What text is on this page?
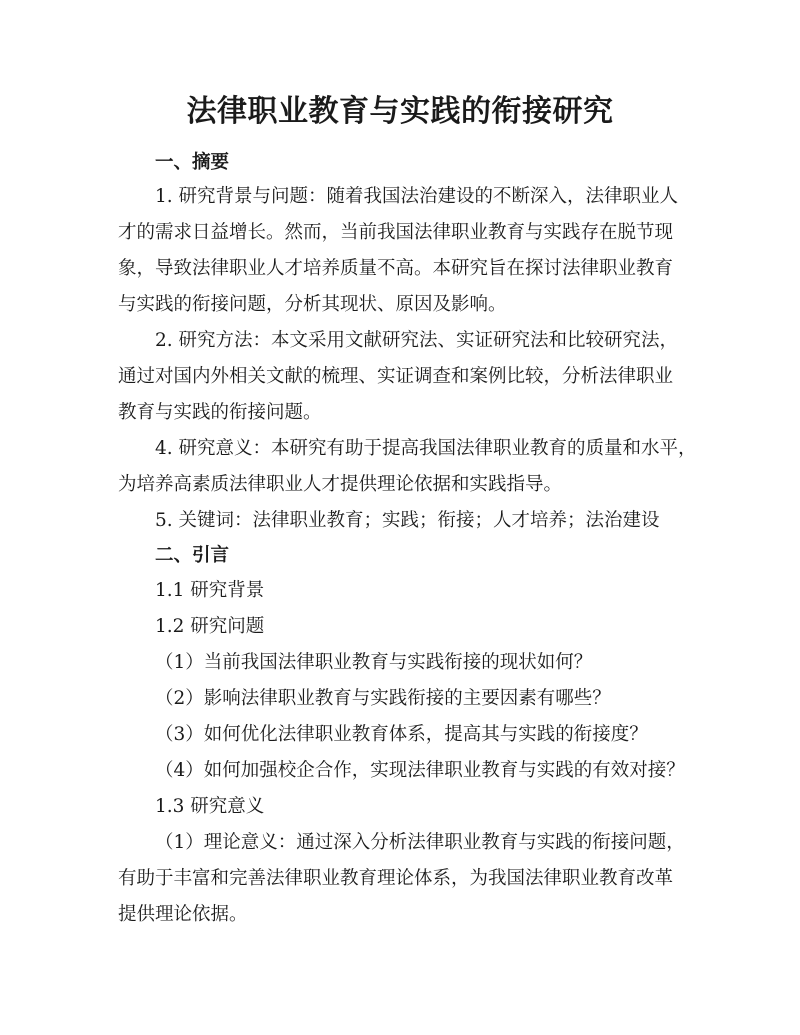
法律职业教育与实践的衔接研究

一、摘要

1. 研究背景与问题：随着我国法治建设的不断深入，法律职业人

才的需求日益增长。然而，当前我国法律职业教育与实践存在脱节现

象，导致法律职业人才培养质量不高。本研究旨在探讨法律职业教育

与实践的衔接问题，分析其现状、原因及影响。

2. 研究方法：本文采用文献研究法、实证研究法和比较研究法，

通过对国内外相关文献的梳理、实证调查和案例比较，分析法律职业

教育与实践的衔接问题。

4. 研究意义：本研究有助于提高我国法律职业教育的质量和水平，

为培养高素质法律职业人才提供理论依据和实践指导。

5. 关键词：法律职业教育；实践；衔接；人才培养；法治建设

二、引言

1.1 研究背景

1.2 研究问题

（1）当前我国法律职业教育与实践衔接的现状如何？

（2）影响法律职业教育与实践衔接的主要因素有哪些？

（3）如何优化法律职业教育体系，提高其与实践的衔接度？

（4）如何加强校企合作，实现法律职业教育与实践的有效对接？

1.3 研究意义

（1）理论意义：通过深入分析法律职业教育与实践的衔接问题，

有助于丰富和完善法律职业教育理论体系，为我国法律职业教育改革

提供理论依据。
